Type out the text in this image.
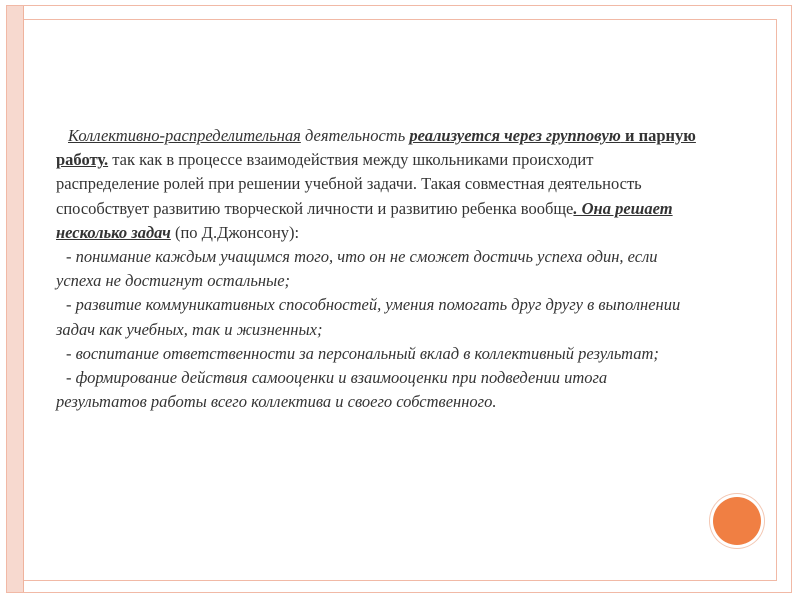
Коллективно-распределительная деятельность реализуется через групповую и парную работу. так как в процессе взаимодействия между школьниками происходит распределение ролей при решении учебной задачи. Такая совместная деятельность способствует развитию творческой личности и развитию ребенка вообще. Она решает несколько задач (по Д.Джонсону):

- понимание каждым учащимся того, что он не сможет достичь успеха один, если успеха не достигнут остальные;

- развитие коммуникативных способностей, умения помогать друг другу в выполнении задач как учебных, так и жизненных;

- воспитание ответственности за персональный вклад в коллективный результат;

- формирование действия самооценки и взаимооценки при подведении итога результатов работы всего коллектива и своего собственного.
